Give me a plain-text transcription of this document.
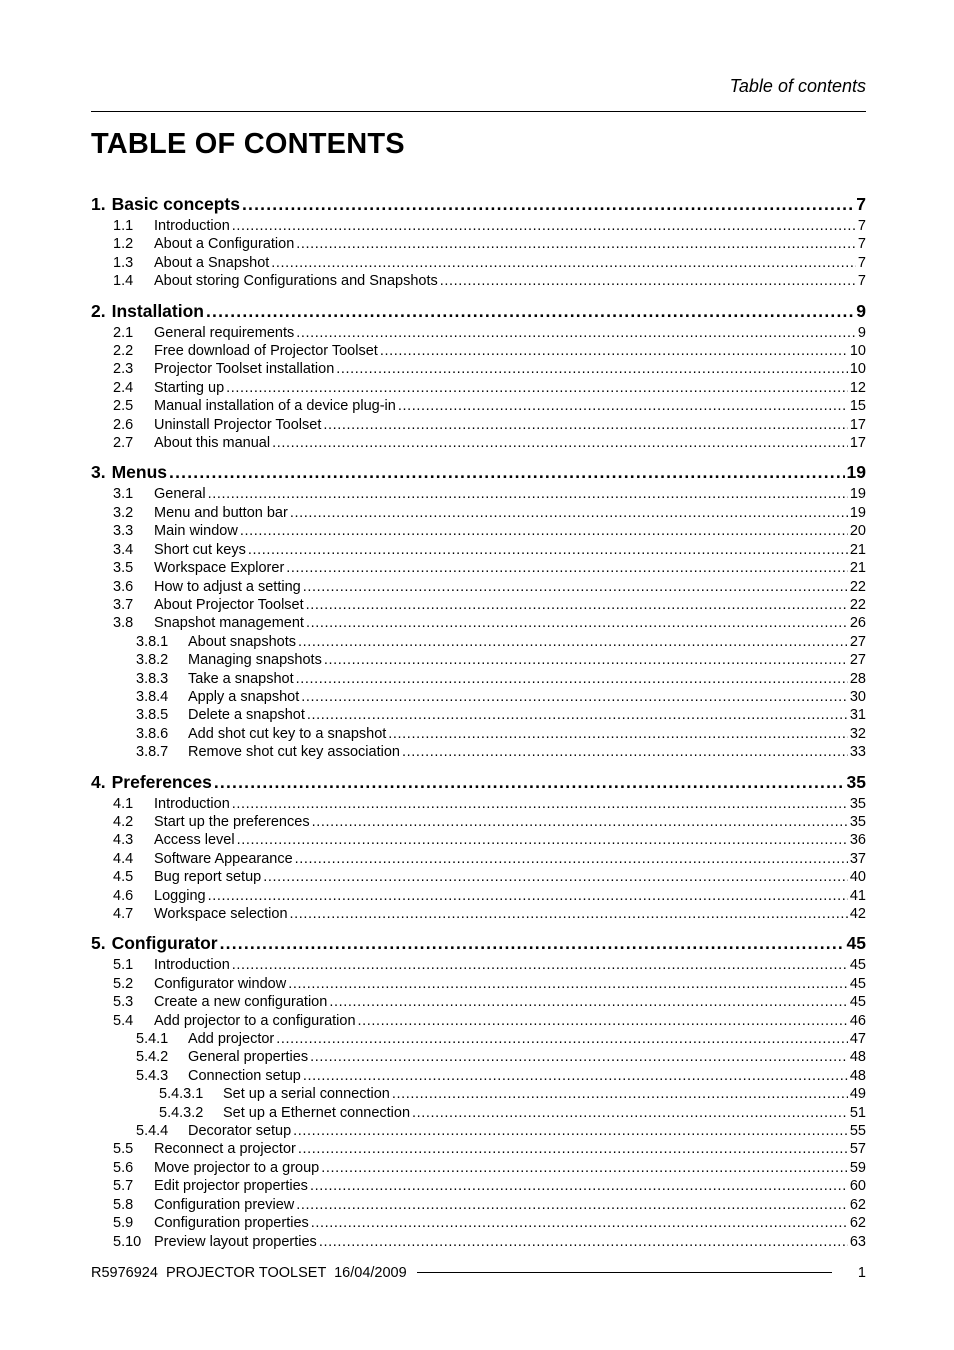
Table of contents
TABLE OF CONTENTS
1. Basic concepts .....	7
1.1	Introduction .....	7
1.2	About a Configuration .....	7
1.3	About a Snapshot .....	7
1.4	About storing Configurations and Snapshots .....	7
2. Installation .....	9
2.1	General requirements .....	9
2.2	Free download of Projector Toolset .....	10
2.3	Projector Toolset installation .....	10
2.4	Starting up .....	12
2.5	Manual installation of a device plug-in .....	15
2.6	Uninstall Projector Toolset .....	17
2.7	About this manual .....	17
3. Menus .....	19
3.1	General .....	19
3.2	Menu and button bar .....	19
3.3	Main window .....	20
3.4	Short cut keys .....	21
3.5	Workspace Explorer .....	21
3.6	How to adjust a setting .....	22
3.7	About Projector Toolset .....	22
3.8	Snapshot management .....	26
3.8.1	About snapshots .....	27
3.8.2	Managing snapshots .....	27
3.8.3	Take a snapshot .....	28
3.8.4	Apply a snapshot .....	30
3.8.5	Delete a snapshot .....	31
3.8.6	Add shot cut key to a snapshot .....	32
3.8.7	Remove shot cut key association .....	33
4. Preferences .....	35
4.1	Introduction .....	35
4.2	Start up the preferences .....	35
4.3	Access level .....	36
4.4	Software Appearance .....	37
4.5	Bug report setup .....	40
4.6	Logging .....	41
4.7	Workspace selection .....	42
5. Configurator .....	45
5.1	Introduction .....	45
5.2	Configurator window .....	45
5.3	Create a new configuration .....	45
5.4	Add projector to a configuration .....	46
5.4.1	Add projector .....	47
5.4.2	General properties .....	48
5.4.3	Connection setup .....	48
5.4.3.1	Set up a serial connection .....	49
5.4.3.2	Set up a Ethernet connection .....	51
5.4.4	Decorator setup .....	55
5.5	Reconnect a projector .....	57
5.6	Move projector to a group .....	59
5.7	Edit projector properties .....	60
5.8	Configuration preview .....	62
5.9	Configuration properties .....	62
5.10 Preview layout properties .....	63
R5976924  PROJECTOR TOOLSET  16/04/2009	1
